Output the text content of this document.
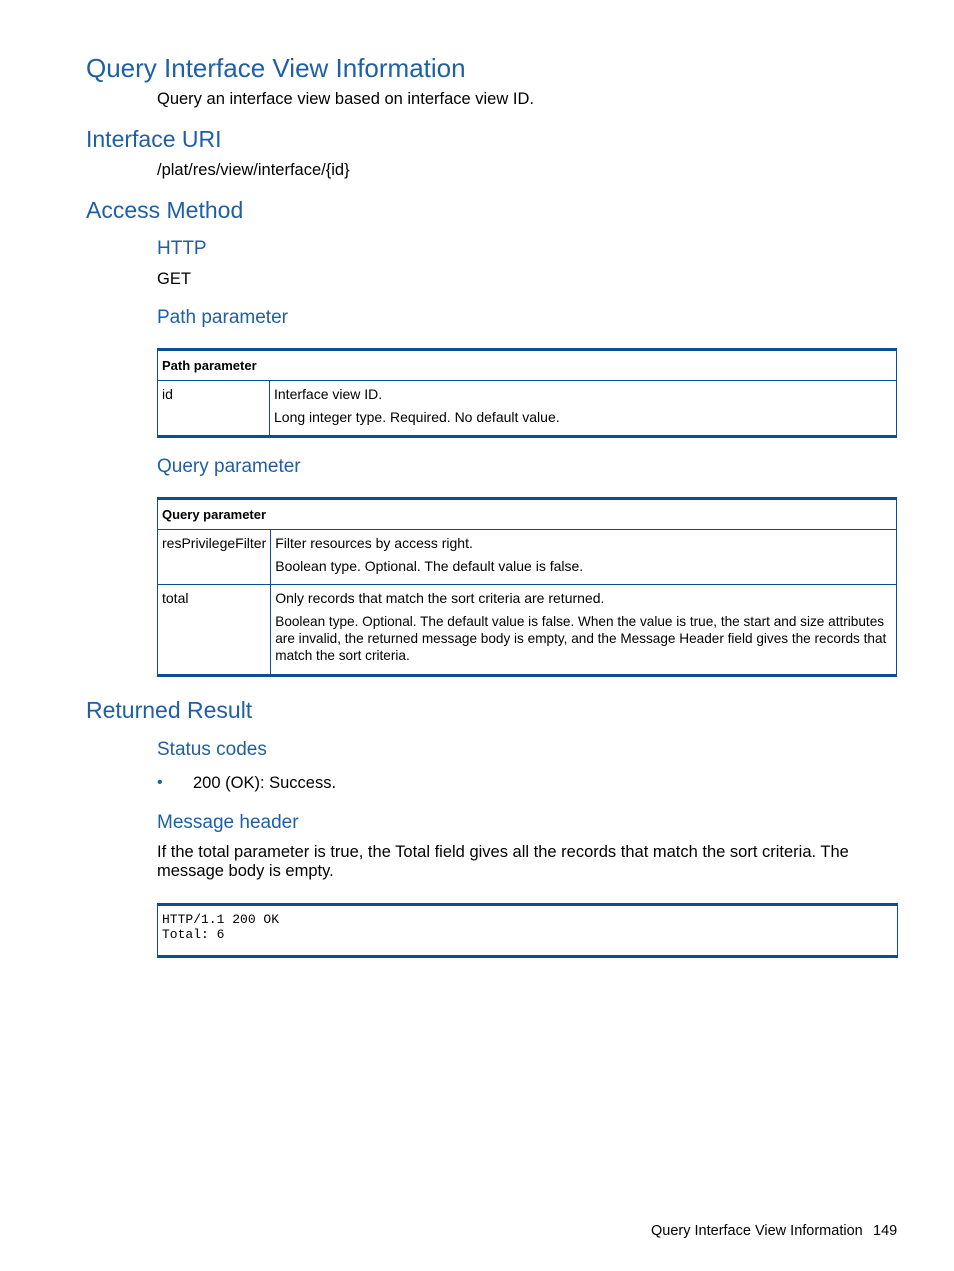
Query Interface View Information
Query an interface view based on interface view ID.
Interface URI
/plat/res/view/interface/{id}
Access Method
HTTP
GET
Path parameter
Path parameter
id	Interface view ID.

Long integer type. Required. No default value.

Query parameter
Query parameter	
resPrivilegeFilter	Filter resources by access right.

Boolean type. Optional. The default value is false.

total	Only records that match the sort criteria are returned.

Boolean type. Optional. The default value is false. When the value is true, the start and size attributes are invalid, the returned message body is empty, and the Message Header field gives the records that match the sort criteria.

Returned Result
Status codes
• 200 (OK): Success.
Message header
If the total parameter is true, the Total field gives all the records that match the sort criteria. The message body is empty.
HTTP/1.1 200 OK
Total: 6
Query Interface View Information 149
